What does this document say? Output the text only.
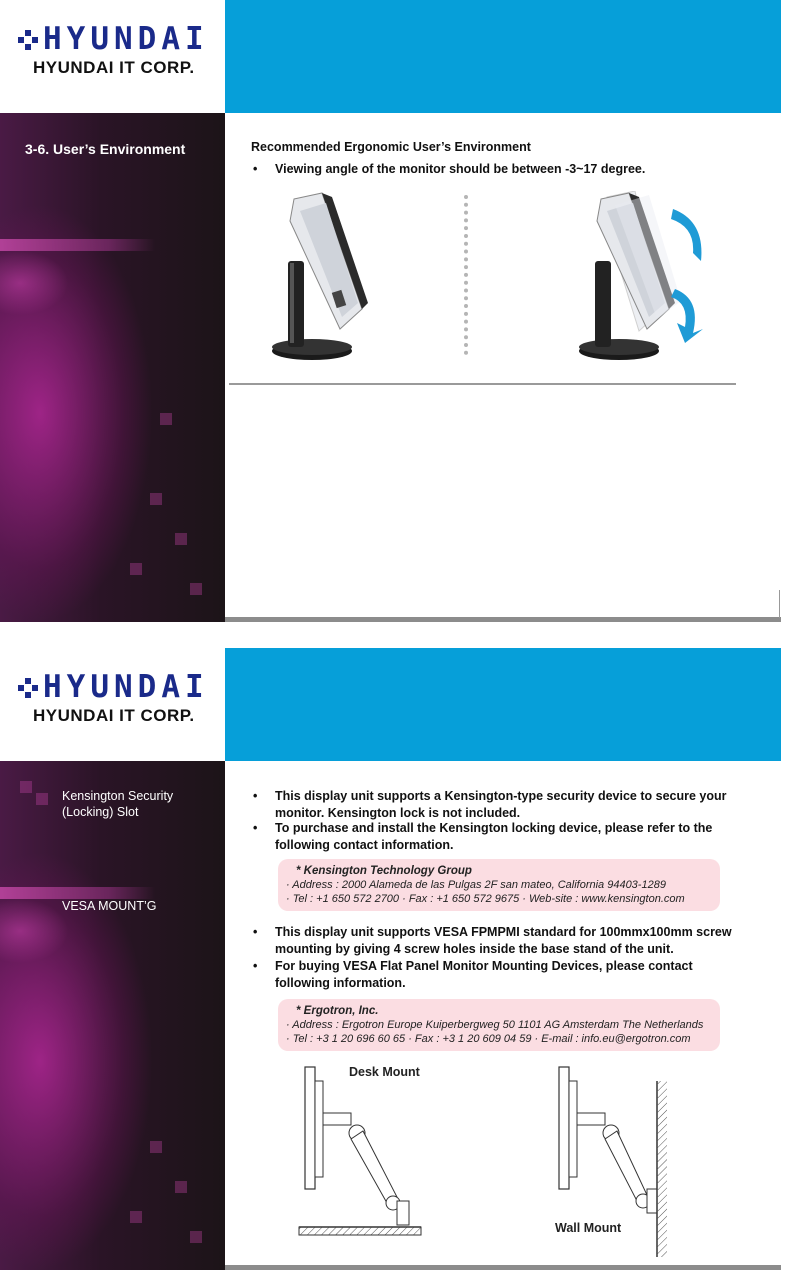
HYUNDAI
HYUNDAI IT CORP.
3-6. User’s Environment	Recommended Ergonomic User’s Environment
•	Viewing angle of the monitor should be between -3~17 degree.
HYUNDAI
HYUNDAI IT CORP.
Kensington Security (Locking) Slot
VESA MOUNT’G
•	This display unit supports a Kensington-type security device to secure your monitor. Kensington lock is not included.
•	To purchase and install the Kensington locking device, please refer to the following contact information.
* Kensington Technology Group
· Address : 2000 Alameda de las Pulgas 2F san mateo, California 94403-1289
· Tel : +1 650 572 2700 · Fax : +1 650 572 9675 · Web-site : www.kensington.com
•	This display unit supports VESA FPMPMI standard for 100mmx100mm screw mounting by giving 4 screw holes inside the base stand of the unit.
•	For buying VESA Flat Panel Monitor Mounting Devices, please contact following information.
* Ergotron, Inc.
· Address : Ergotron Europe Kuiperbergweg 50 1101 AG Amsterdam The Netherlands
· Tel : +3 1 20 696 60 65 · Fax : +3 1 20 609 04 59 · E-mail : info.eu@ergotron.com
Desk Mount
Wall Mount
